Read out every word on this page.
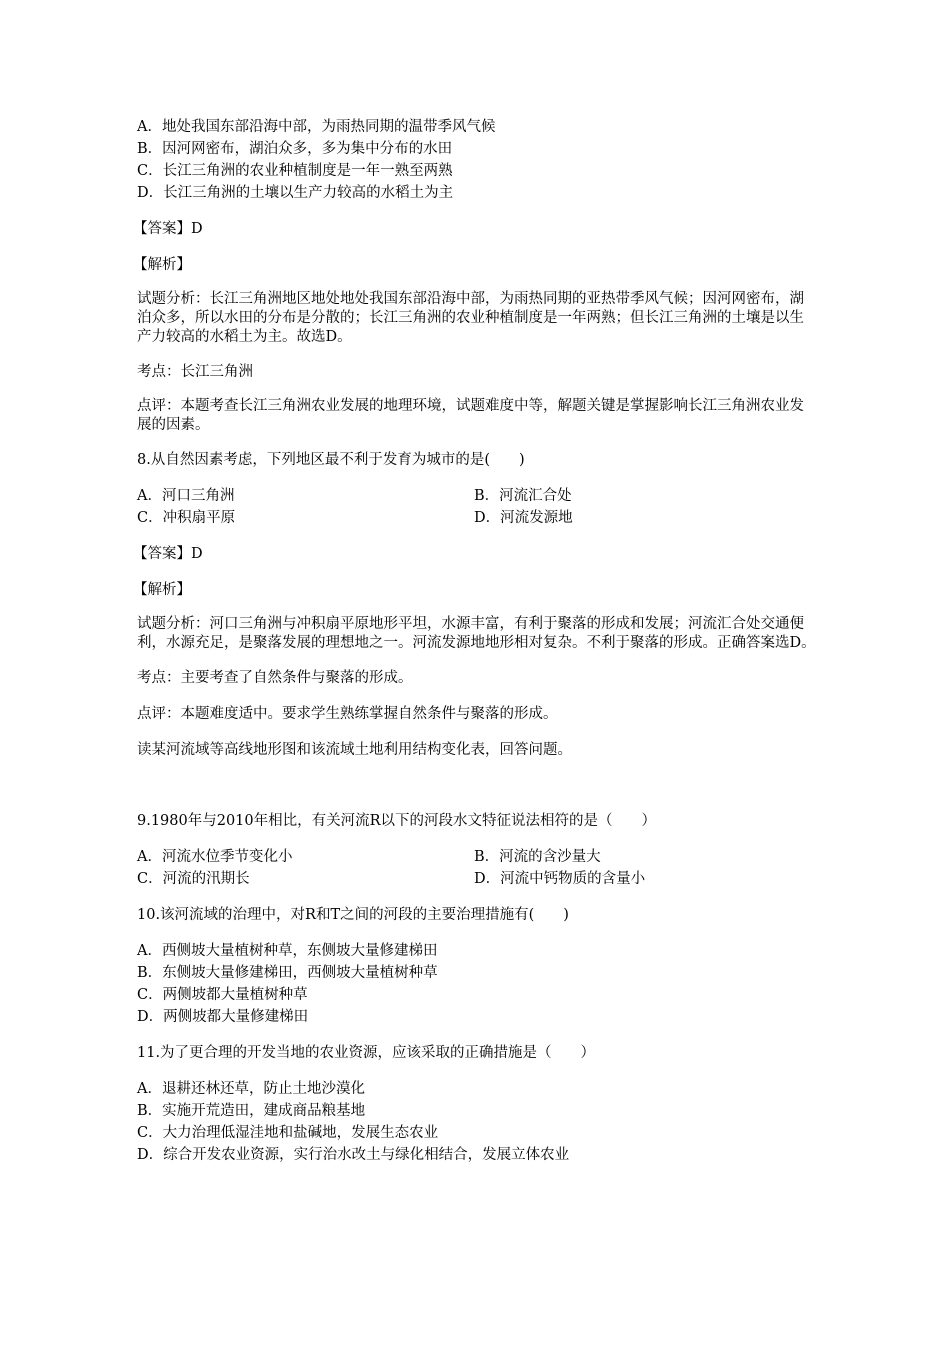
A．地处我国东部沿海中部，为雨热同期的温带季风气候
B．因河网密布，湖泊众多，多为集中分布的水田
C．长江三角洲的农业种植制度是一年一熟至两熟
D．长江三角洲的土壤以生产力较高的水稻土为主
【答案】D
【解析】

试题分析：长江三角洲地区地处地处我国东部沿海中部，为雨热同期的亚热带季风气候；因河网密布，湖泊众多，所以水田的分布是分散的；长江三角洲的农业种植制度是一年两熟；但长江三角洲的土壤是以生产力较高的水稻土为主。故选D。

考点：长江三角洲

点评：本题考查长江三角洲农业发展的地理环境，试题难度中等，解题关键是掌握影响长江三角洲农业发展的因素。

8.从自然因素考虑，下列地区最不利于发育为城市的是(　　)
A．河口三角洲	B．河流汇合处
C．冲积扇平原	D．河流发源地
【答案】D
【解析】

试题分析：河口三角洲与冲积扇平原地形平坦，水源丰富，有利于聚落的形成和发展；河流汇合处交通便利，水源充足，是聚落发展的理想地之一。河流发源地地形相对复杂。不利于聚落的形成。正确答案选D。

考点：主要考查了自然条件与聚落的形成。
点评：本题难度适中。要求学生熟练掌握自然条件与聚落的形成。
读某河流域等高线地形图和该流域土地利用结构变化表，回答问题。
9.1980年与2010年相比，有关河流R以下的河段水文特征说法相符的是（　　）
A．河流水位季节变化小	B．河流的含沙量大
C．河流的汛期长	D．河流中钙物质的含量小
10.该河流域的治理中，对R和T之间的河段的主要治理措施有(　　)
A．西侧坡大量植树种草，东侧坡大量修建梯田
B．东侧坡大量修建梯田，西侧坡大量植树种草
C．两侧坡都大量植树种草
D．两侧坡都大量修建梯田
11.为了更合理的开发当地的农业资源，应该采取的正确措施是（　　）
A．退耕还林还草，防止土地沙漠化
B．实施开荒造田，建成商品粮基地
C．大力治理低湿洼地和盐碱地，发展生态农业
D．综合开发农业资源，实行治水改土与绿化相结合，发展立体农业
